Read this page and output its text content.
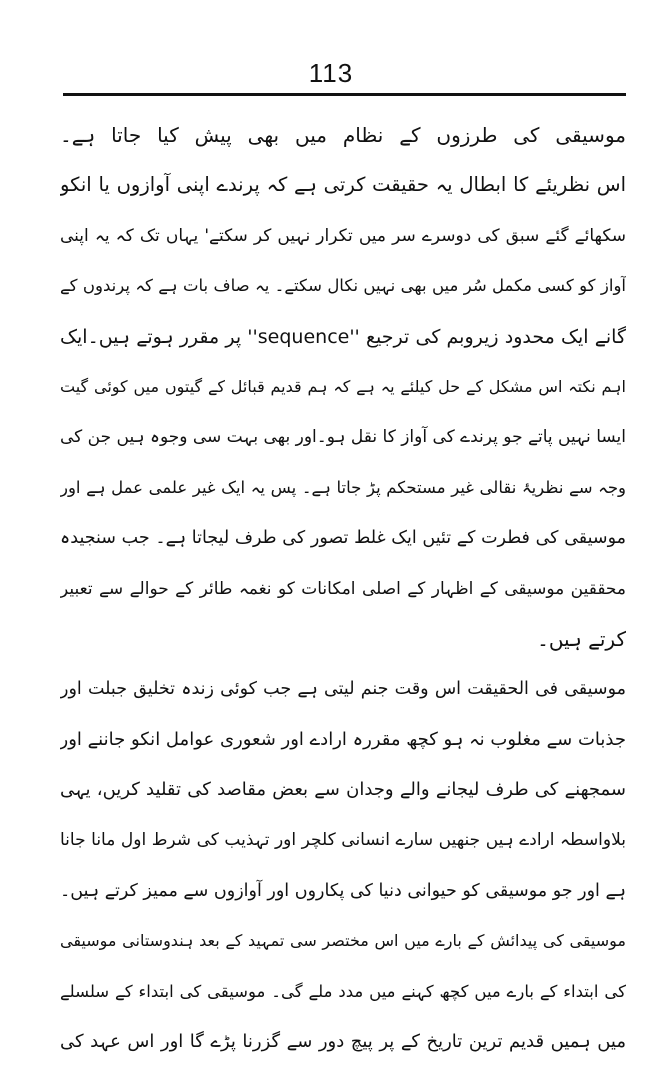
113
موسیقی کی طرزوں کے نظام میں بھی پیش کیا جاتا ہے۔
اس نظریئے کا ابطال یہ حقیقت کرتی ہے کہ پرندے اپنی آوازوں یا انکو
سکھائے گئے سبق کی دوسرے سر میں تکرار نہیں کر سکتے' یہاں تک کہ یہ اپنی
آواز کو کسی مکمل سُر میں بھی نہیں نکال سکتے۔ یہ صاف بات ہے کہ پرندوں کے
گانے ایک محدود زیروبم کی ترجیع ''sequence'' پر مقرر ہوتے ہیں۔ایک
اہم نکتہ اس مشکل کے حل کیلئے یہ ہے کہ ہم قدیم قبائل کے گیتوں میں کوئی گیت
ایسا نہیں پاتے جو پرندے کی آواز کا نقل ہو۔اور بھی بہت سی وجوہ ہیں جن کی
وجہ سے نظریۂ نقالی غیر مستحکم پڑ جاتا ہے۔ پس یہ ایک غیر علمی عمل ہے اور
موسیقی کی فطرت کے تئیں ایک غلط تصور کی طرف لیجاتا ہے۔ جب سنجیدہ
محققین موسیقی کے اظہار کے اصلی امکانات کو نغمہ طائر کے حوالے سے تعبیر
کرتے ہیں۔
موسیقی فی الحقیقت اس وقت جنم لیتی ہے جب کوئی زندہ تخلیق جبلت اور
جذبات سے مغلوب نہ ہو کچھ مقررہ ارادے اور شعوری عوامل انکو جاننے اور
سمجھنے کی طرف لیجانے والے وجدان سے بعض مقاصد کی تقلید کریں، یہی
بلاواسطہ ارادے ہیں جنھیں سارے انسانی کلچر اور تہذیب کی شرط اول مانا جانا
ہے اور جو موسیقی کو حیوانی دنیا کی پکاروں اور آوازوں سے ممیز کرتے ہیں۔
موسیقی کی پیدائش کے بارے میں اس مختصر سی تمہید کے بعد ہندوستانی موسیقی
کی ابتداء کے بارے میں کچھ کہنے میں مدد ملے گی۔ موسیقی کی ابتداء کے سلسلے
میں ہمیں قدیم ترین تاریخ کے پر پیچ دور سے گزرنا پڑے گا اور اس عہد کی
